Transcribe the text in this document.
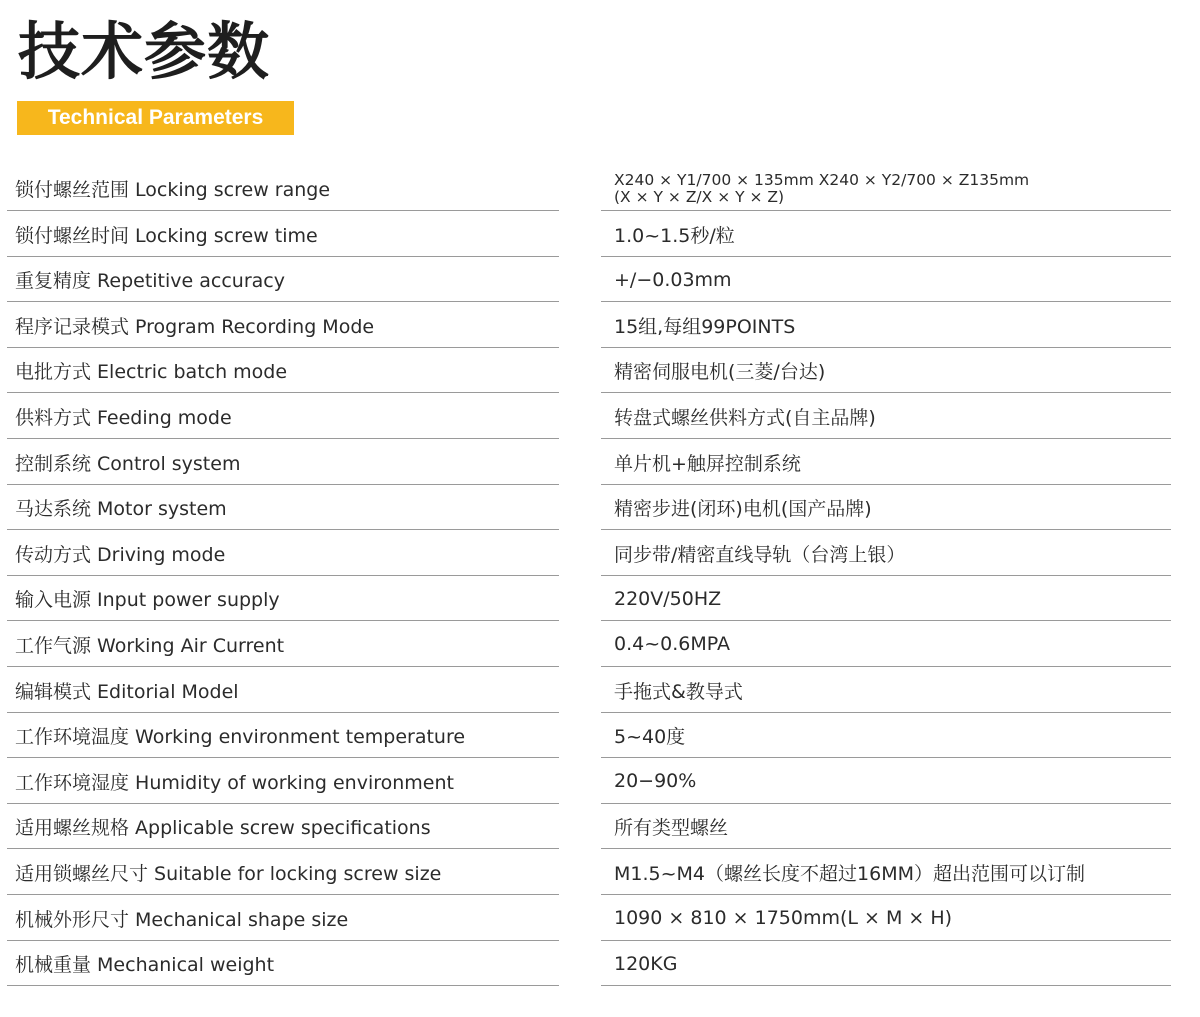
技术参数
Technical Parameters
锁付螺丝范围 Locking screw range	X240 × Y1/700 × 135mm X240 × Y2/700 × Z135mm
(X × Y × Z/X × Y × Z)
锁付螺丝时间 Locking screw time	1.0~1.5秒/粒
重复精度 Repetitive accuracy	+/−0.03mm
程序记录模式 Program Recording Mode	15组,每组99POINTS
电批方式 Electric batch mode	精密伺服电机(三菱/台达)
供料方式 Feeding mode	转盘式螺丝供料方式(自主品牌)
控制系统 Control system	单片机+触屏控制系统
马达系统 Motor system	精密步进(闭环)电机(国产品牌)
传动方式 Driving mode	同步带/精密直线导轨（台湾上银）
输入电源 Input power supply	220V/50HZ
工作气源 Working Air Current	0.4~0.6MPA
编辑模式 Editorial Model	手拖式&教导式
工作环境温度 Working environment temperature	5~40度
工作环境湿度 Humidity of working environment	20−90%
适用螺丝规格 Applicable screw specifications	所有类型螺丝
适用锁螺丝尺寸 Suitable for locking screw size	M1.5~M4（螺丝长度不超过16MM）超出范围可以订制
机械外形尺寸 Mechanical shape size	1090 × 810 × 1750mm(L × M × H)
机械重量 Mechanical weight	120KG
